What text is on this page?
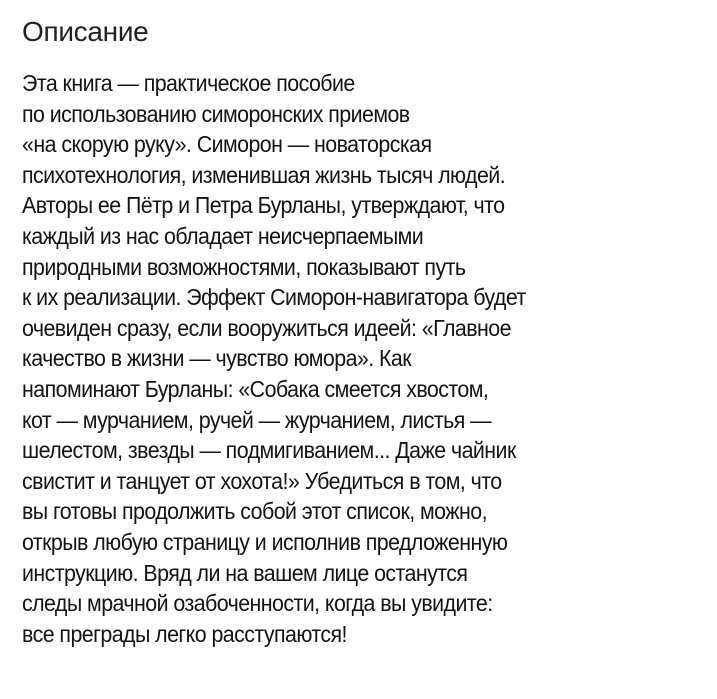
Описание
Эта книга — практическое пособие
по использованию симоронских приемов
«на скорую руку». Симорон — новаторская
психотехнология, изменившая жизнь тысяч людей.
Авторы ее Пётр и Петра Бурланы, утверждают, что
каждый из нас обладает неисчерпаемыми
природными возможностями, показывают путь
к их реализации. Эффект Симорон-навигатора будет
очевиден сразу, если вооружиться идеей: «Главное
качество в жизни — чувство юмора». Как
напоминают Бурланы: «Собака смеется хвостом,
кот — мурчанием, ручей — журчанием, листья —
шелестом, звезды — подмигиванием... Даже чайник
свистит и танцует от хохота!» Убедиться в том, что
вы готовы продолжить собой этот список, можно,
открыв любую страницу и исполнив предложенную
инструкцию. Вряд ли на вашем лице останутся
следы мрачной озабоченности, когда вы увидите:
все преграды легко расступаются!
